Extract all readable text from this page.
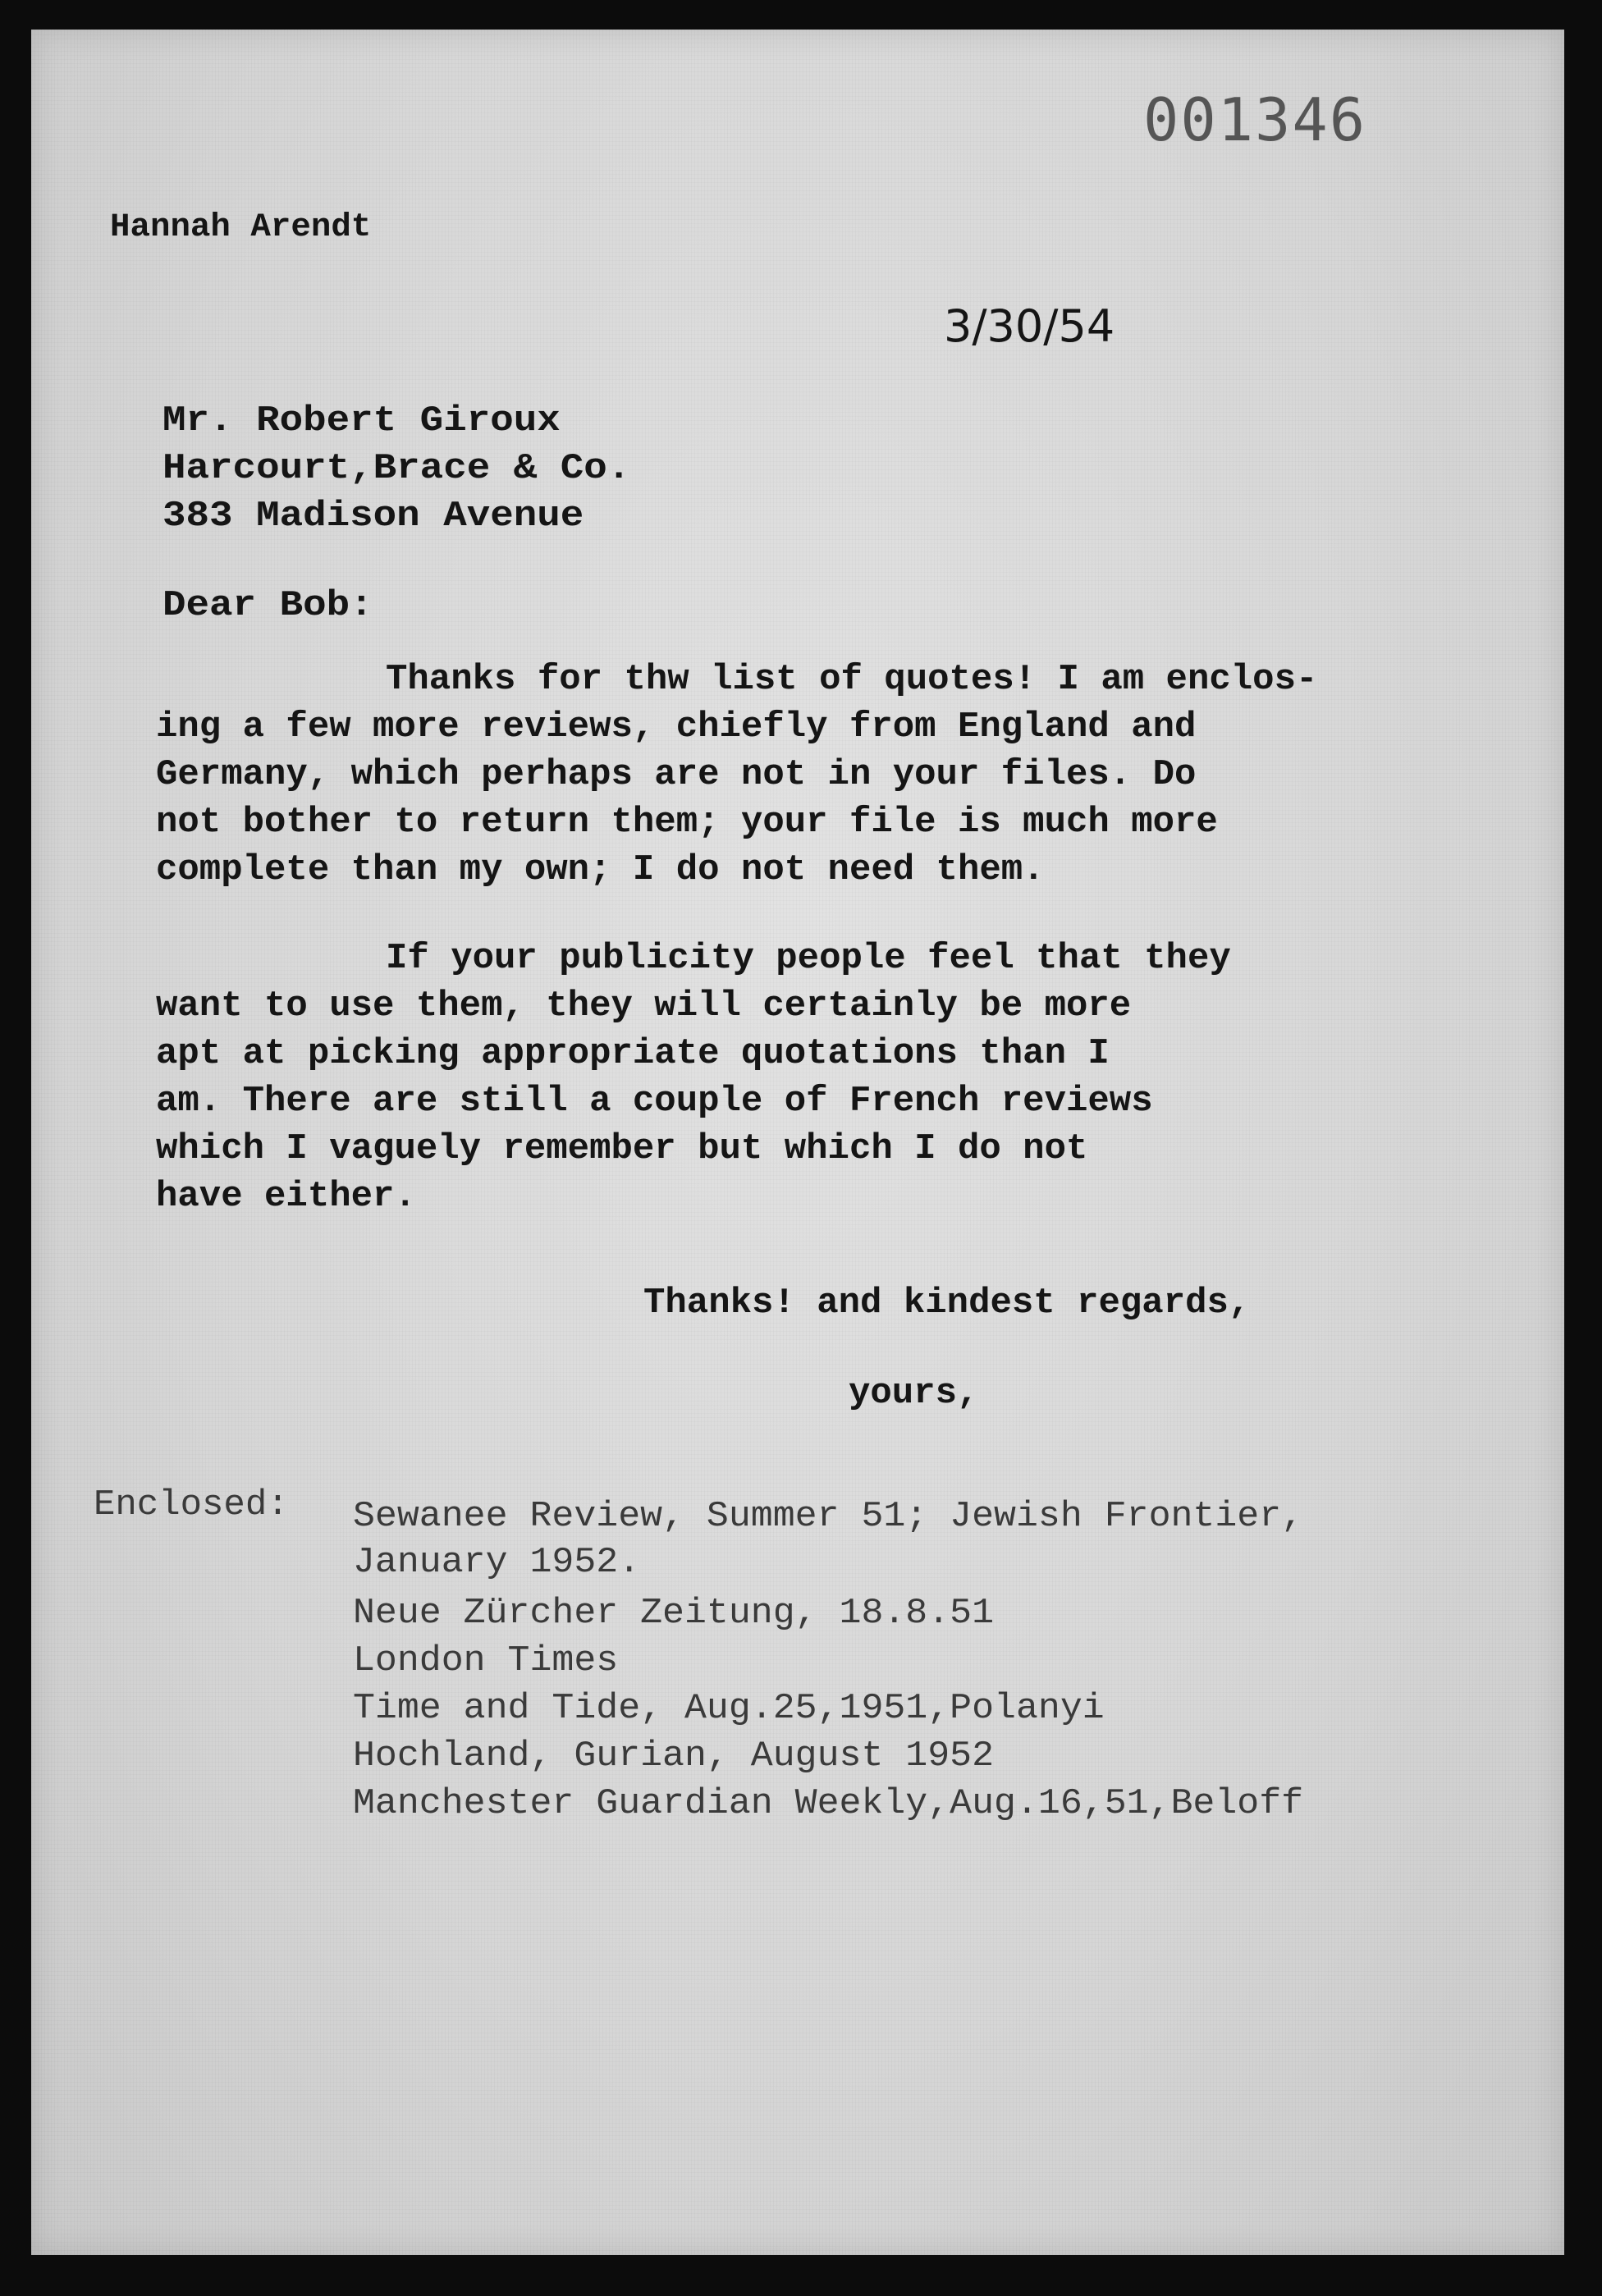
001346

Hannah Arendt

3/30/54

Mr. Robert Giroux

Harcourt,Brace & Co.

383 Madison Avenue

Dear Bob:

Thanks for thw list of quotes! I am enclos-

ing a few more reviews, chiefly from England and

Germany, which perhaps are not in your files. Do

not bother to return them; your file is much more

complete than my own; I do not need them.

If your publicity people feel that they

want to use them, they will certainly be more

apt at picking appropriate quotations than I

am. There are still a couple of French reviews

which I vaguely remember but which I do not

have either.

Thanks! and kindest regards,

yours,

Enclosed: Sewanee Review, Summer 51; Jewish Frontier,

January 1952.

Neue Zürcher Zeitung, 18.8.51

London Times

Time and Tide, Aug.25,1951,Polanyi

Hochland, Gurian, August 1952

Manchester Guardian Weekly,Aug.16,51,Beloff
